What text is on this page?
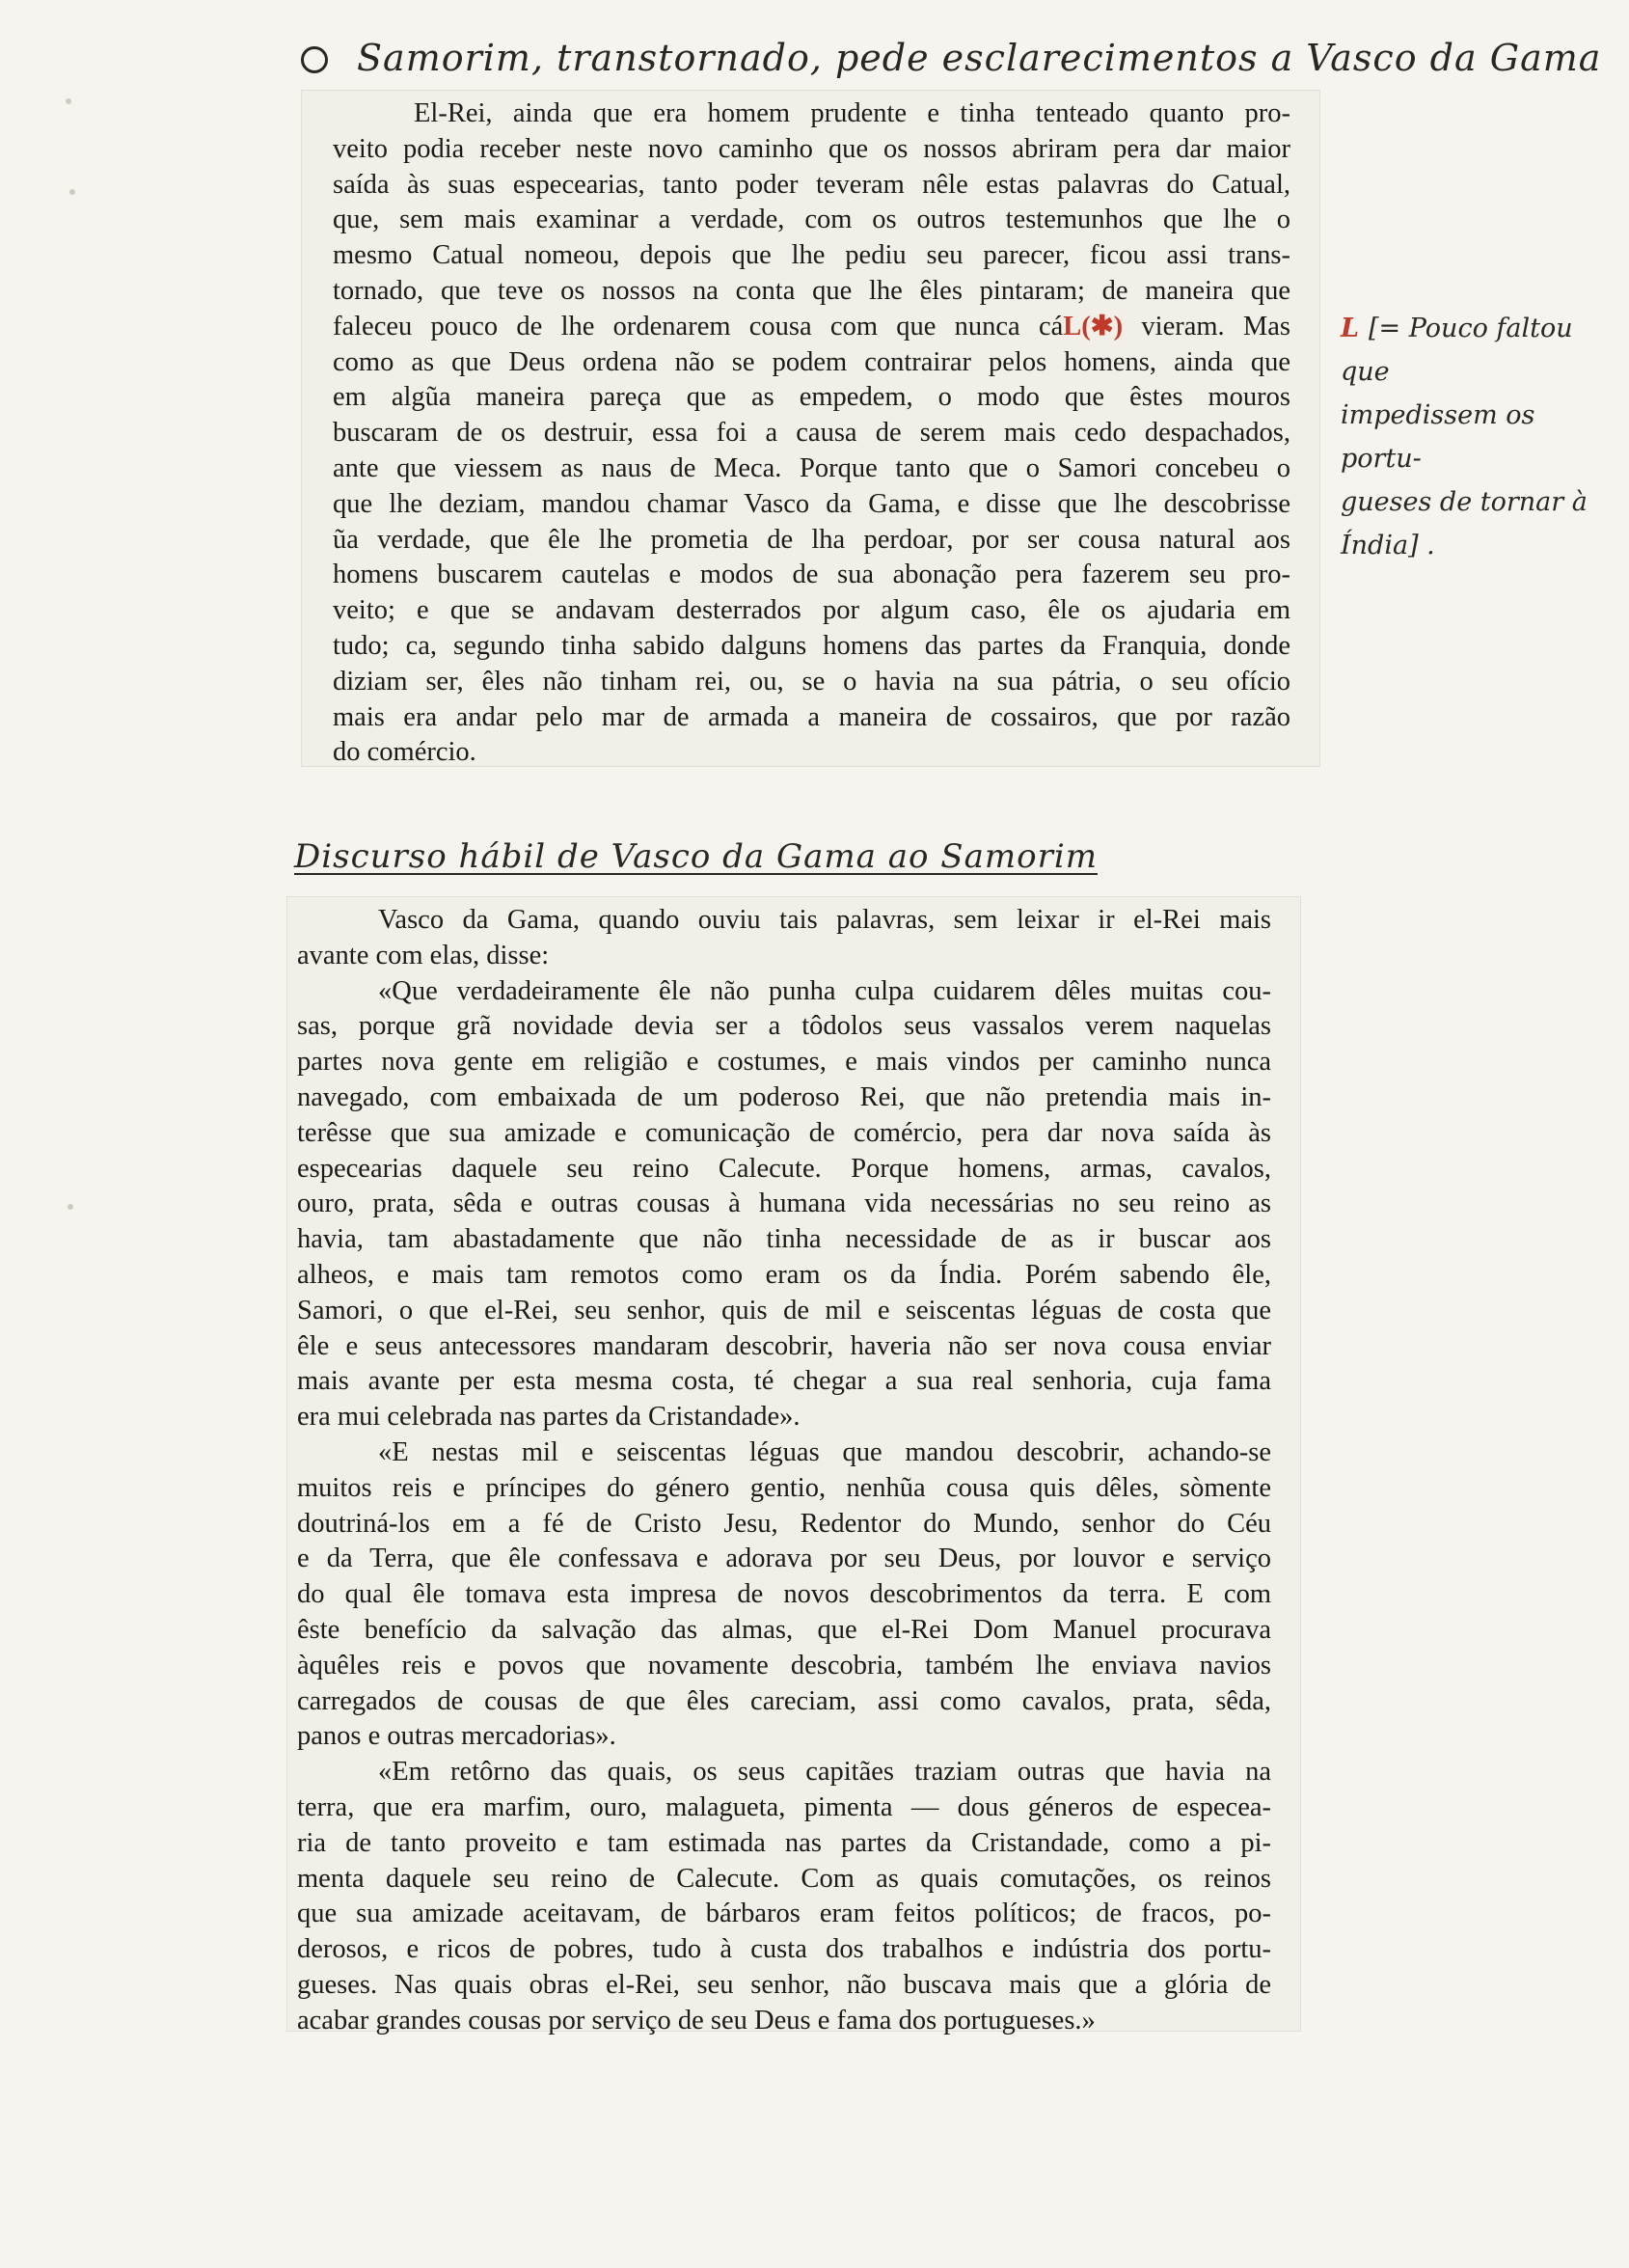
Samorim, transtornado, pede esclarecimentos a Vasco da Gama

El-Rei, ainda que era homem prudente e tinha tenteado quanto pro-
veito podia receber neste novo caminho que os nossos abriram pera dar maior
saída às suas especearias, tanto poder teveram nêle estas palavras do Catual,
que, sem mais examinar a verdade, com os outros testemunhos que lhe o
mesmo Catual nomeou, depois que lhe pediu seu parecer, ficou assi trans-
tornado, que teve os nossos na conta que lhe êles pintaram; de maneira que
faleceu pouco de lhe ordenarem cousa com que nunca cáL(✱) vieram. Mas
como as que Deus ordena não se podem contrairar pelos homens, ainda que
em algũa maneira pareça que as empedem, o modo que êstes mouros
buscaram de os destruir, essa foi a causa de serem mais cedo despachados,
ante que viessem as naus de Meca. Porque tanto que o Samori concebeu o
que lhe deziam, mandou chamar Vasco da Gama, e disse que lhe descobrisse
ũa verdade, que êle lhe prometia de lha perdoar, por ser cousa natural aos
homens buscarem cautelas e modos de sua abonação pera fazerem seu pro-
veito; e que se andavam desterrados por algum caso, êle os ajudaria em
tudo; ca, segundo tinha sabido dalguns homens das partes da Franquia, donde
diziam ser, êles não tinham rei, ou, se o havia na sua pátria, o seu ofício
mais era andar pelo mar de armada a maneira de cossairos, que por razão
do comércio.

L [= Pouco faltou que
impedissem os portu-
gueses de tornar à
Índia] .
Discurso hábil de Vasco da Gama ao Samorim

Vasco da Gama, quando ouviu tais palavras, sem leixar ir el-Rei mais
avante com elas, disse:

«Que verdadeiramente êle não punha culpa cuidarem dêles muitas cou-
sas, porque grã novidade devia ser a tôdolos seus vassalos verem naquelas
partes nova gente em religião e costumes, e mais vindos per caminho nunca
navegado, com embaixada de um poderoso Rei, que não pretendia mais in-
terêsse que sua amizade e comunicação de comércio, pera dar nova saída às
especearias daquele seu reino Calecute. Porque homens, armas, cavalos,
ouro, prata, sêda e outras cousas à humana vida necessárias no seu reino as
havia, tam abastadamente que não tinha necessidade de as ir buscar aos
alheos, e mais tam remotos como eram os da Índia. Porém sabendo êle,
Samori, o que el-Rei, seu senhor, quis de mil e seiscentas léguas de costa que
êle e seus antecessores mandaram descobrir, haveria não ser nova cousa enviar
mais avante per esta mesma costa, té chegar a sua real senhoria, cuja fama
era mui celebrada nas partes da Cristandade».

«E nestas mil e seiscentas léguas que mandou descobrir, achando-se
muitos reis e príncipes do género gentio, nenhũa cousa quis dêles, sòmente
doutriná-los em a fé de Cristo Jesu, Redentor do Mundo, senhor do Céu
e da Terra, que êle confessava e adorava por seu Deus, por louvor e serviço
do qual êle tomava esta impresa de novos descobrimentos da terra. E com
êste benefício da salvação das almas, que el-Rei Dom Manuel procurava
àquêles reis e povos que novamente descobria, também lhe enviava navios
carregados de cousas de que êles careciam, assi como cavalos, prata, sêda,
panos e outras mercadorias».

«Em retôrno das quais, os seus capitães traziam outras que havia na
terra, que era marfim, ouro, malagueta, pimenta — dous géneros de especea-
ria de tanto proveito e tam estimada nas partes da Cristandade, como a pi-
menta daquele seu reino de Calecute. Com as quais comutações, os reinos
que sua amizade aceitavam, de bárbaros eram feitos políticos; de fracos, po-
derosos, e ricos de pobres, tudo à custa dos trabalhos e indústria dos portu-
gueses. Nas quais obras el-Rei, seu senhor, não buscava mais que a glória de
acabar grandes cousas por serviço de seu Deus e fama dos portugueses.»
